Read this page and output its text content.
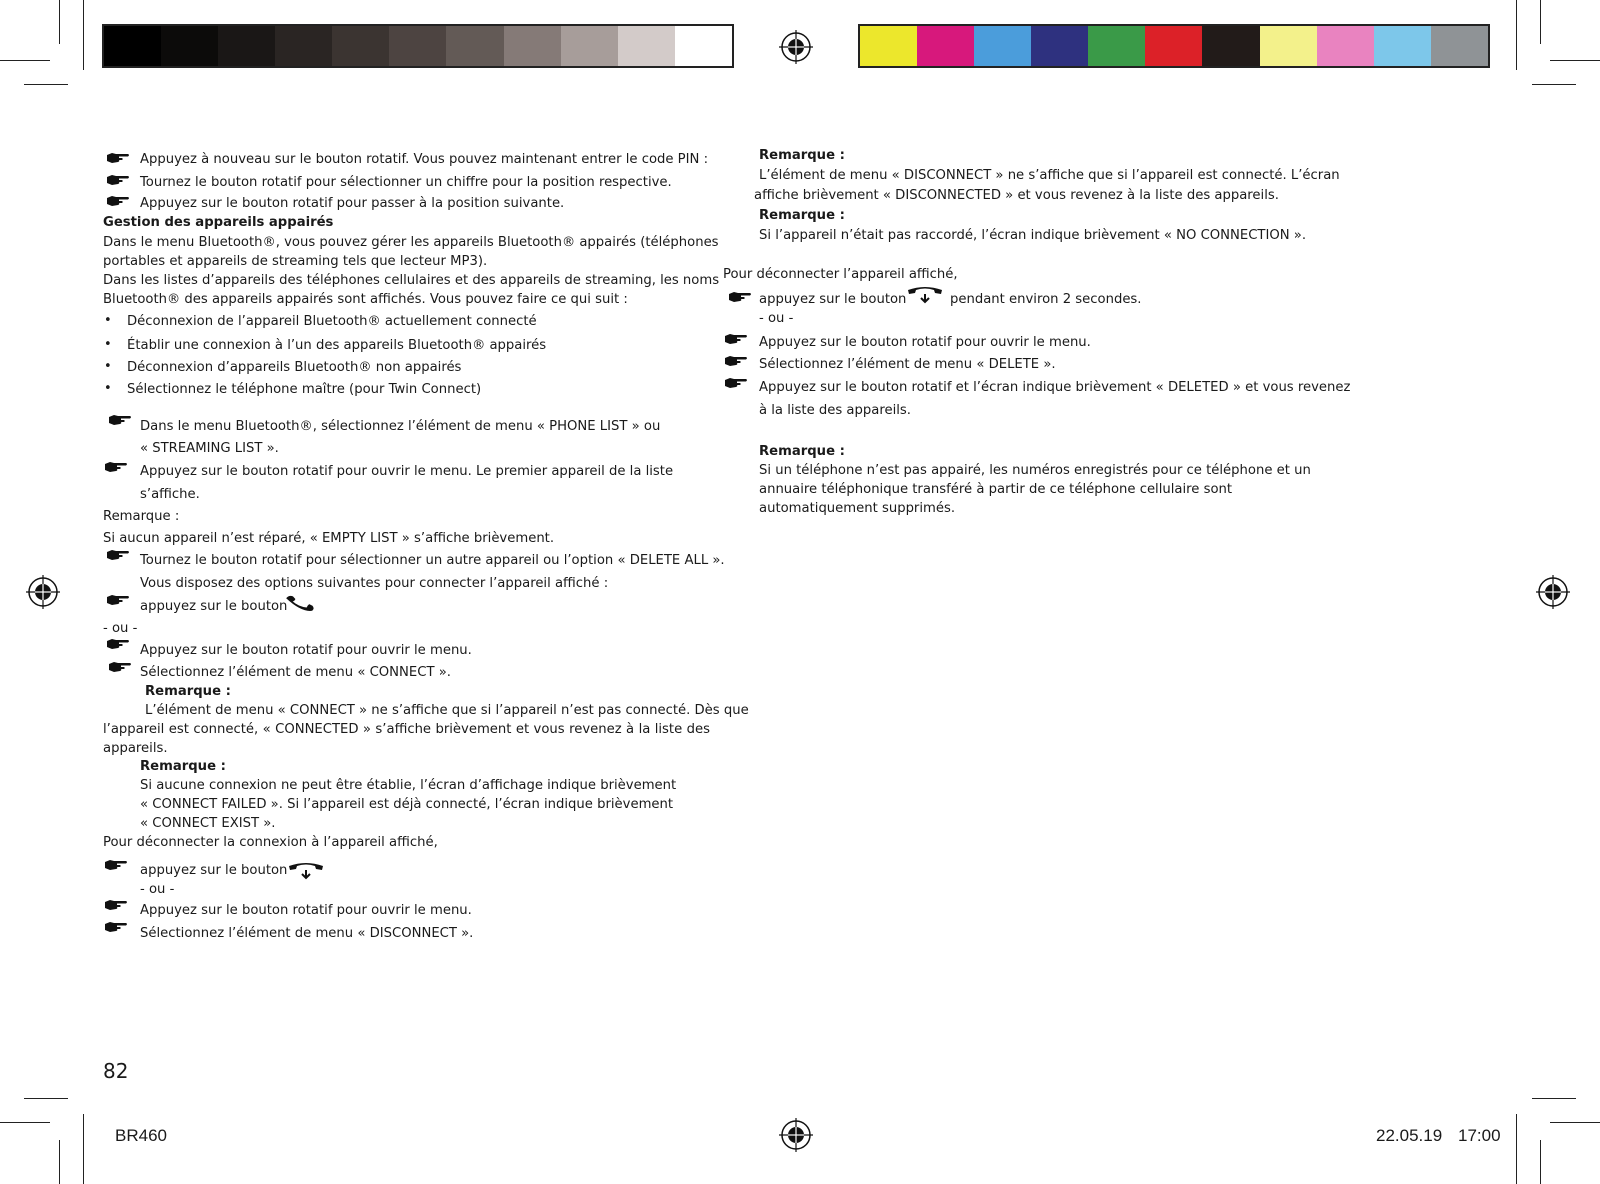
Appuyez à nouveau sur le bouton rotatif. Vous pouvez maintenant entrer le code PIN :
Tournez le bouton rotatif pour sélectionner un chiffre pour la position respective.
Appuyez sur le bouton rotatif pour passer à la position suivante.
Gestion des appareils appairés
Dans le menu Bluetooth®, vous pouvez gérer les appareils Bluetooth® appairés (téléphones
portables et appareils de streaming tels que lecteur MP3).
Dans les listes d’appareils des téléphones cellulaires et des appareils de streaming, les noms
Bluetooth® des appareils appairés sont affichés. Vous pouvez faire ce qui suit :
• Déconnexion de l’appareil Bluetooth® actuellement connecté
• Établir une connexion à l’un des appareils Bluetooth® appairés
• Déconnexion d’appareils Bluetooth® non appairés
• Sélectionnez le téléphone maître (pour Twin Connect)
Dans le menu Bluetooth®, sélectionnez l’élément de menu « PHONE LIST » ou
« STREAMING LIST ».
Appuyez sur le bouton rotatif pour ouvrir le menu. Le premier appareil de la liste
s’affiche.
Remarque :
Si aucun appareil n’est réparé, « EMPTY LIST » s’affiche brièvement.
Tournez le bouton rotatif pour sélectionner un autre appareil ou l’option « DELETE ALL ».
Vous disposez des options suivantes pour connecter l’appareil affiché :
appuyez sur le bouton
- ou -
Appuyez sur le bouton rotatif pour ouvrir le menu.
Sélectionnez l’élément de menu « CONNECT ».
Remarque :
L’élément de menu « CONNECT » ne s’affiche que si l’appareil n’est pas connecté. Dès que
l’appareil est connecté, « CONNECTED » s’affiche brièvement et vous revenez à la liste des
appareils.
Remarque :
Si aucune connexion ne peut être établie, l’écran d’affichage indique brièvement
« CONNECT FAILED ». Si l’appareil est déjà connecté, l’écran indique brièvement
« CONNECT EXIST ».
Pour déconnecter la connexion à l’appareil affiché,
appuyez sur le bouton
- ou -
Appuyez sur le bouton rotatif pour ouvrir le menu.
Sélectionnez l’élément de menu « DISCONNECT ».
Remarque :
L’élément de menu « DISCONNECT » ne s’affiche que si l’appareil est connecté. L’écran
affiche brièvement « DISCONNECTED » et vous revenez à la liste des appareils.
Remarque :
Si l’appareil n’était pas raccordé, l’écran indique brièvement « NO CONNECTION ».
Pour déconnecter l’appareil affiché,
appuyez sur le bouton	pendant environ 2 secondes.
- ou -
Appuyez sur le bouton rotatif pour ouvrir le menu.
Sélectionnez l’élément de menu « DELETE ».
Appuyez sur le bouton rotatif et l’écran indique brièvement « DELETED » et vous revenez
à la liste des appareils.
Remarque :
Si un téléphone n’est pas appairé, les numéros enregistrés pour ce téléphone et un
annuaire téléphonique transféré à partir de ce téléphone cellulaire sont
automatiquement supprimés.
82
BR460	22.05.19 17:00
